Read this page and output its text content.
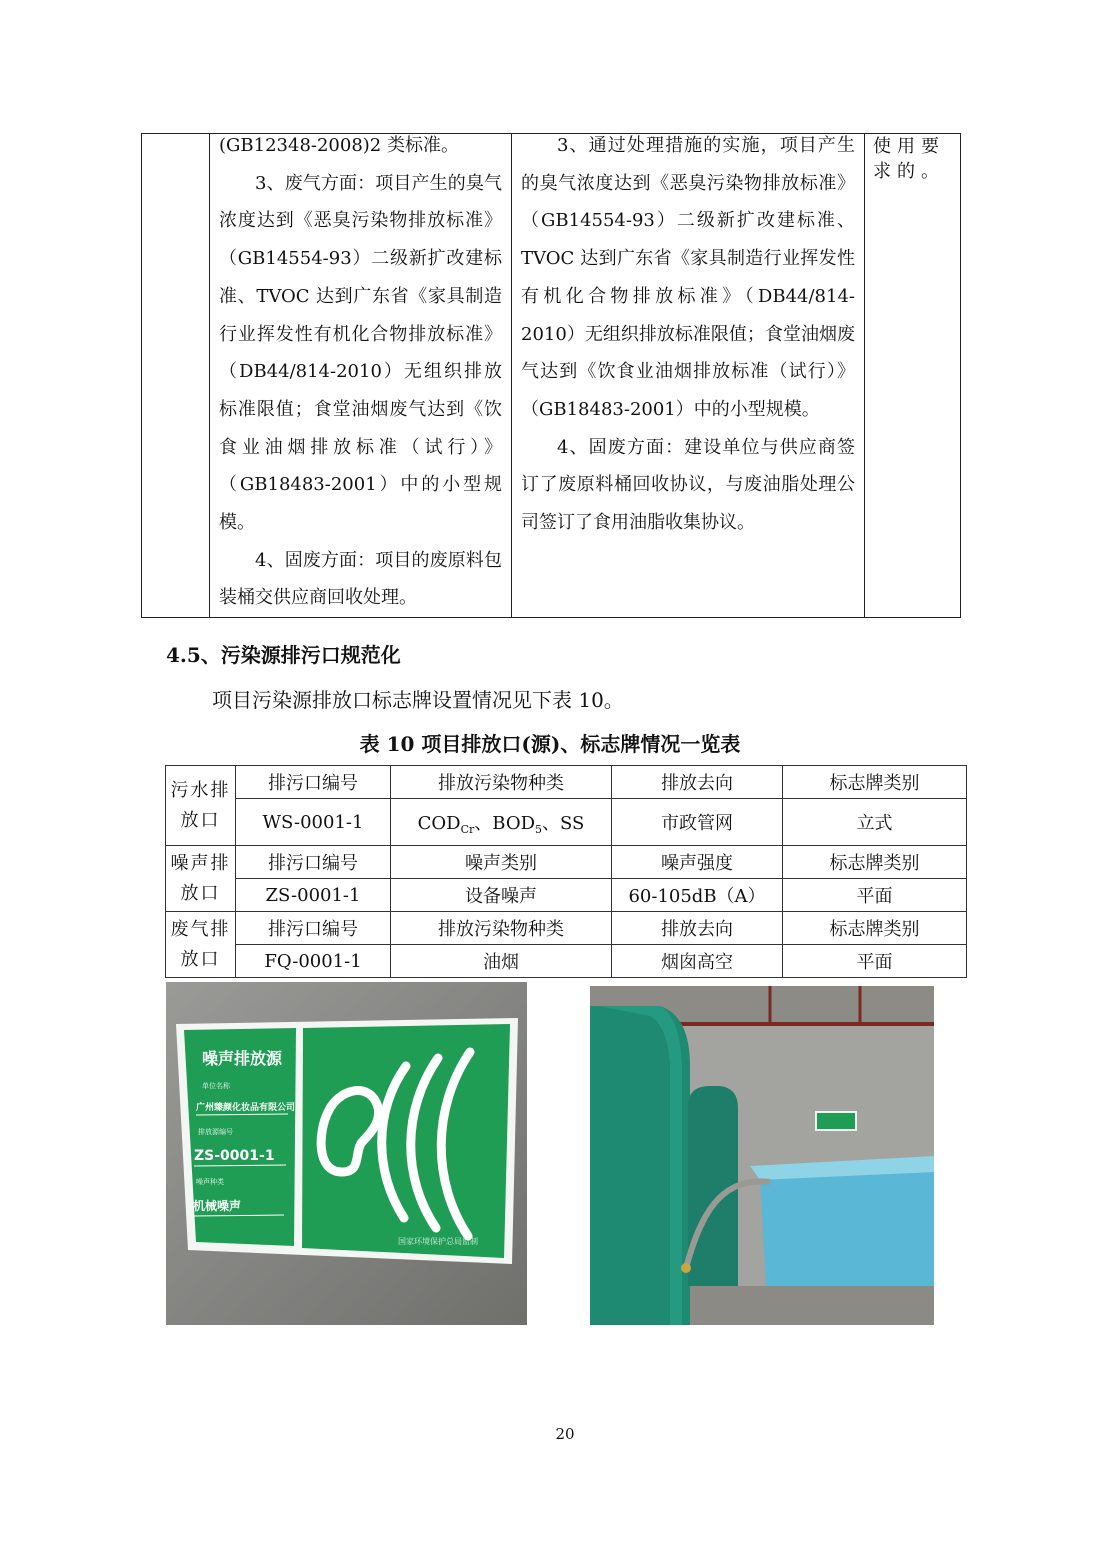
(GB12348-2008)2 类标准。

3、废气方面：项目产生的臭气浓度达到《恶臭污染物排放标准》（GB14554-93）二级新扩改建标准、TVOC 达到广东省《家具制造行业挥发性有机化合物排放标准》（DB44/814-2010）无组织排放标准限值；食堂油烟废气达到《饮食业油烟排放标准（试行）》（GB18483-2001）中的小型规模。

4、固废方面：项目的废原料包装桶交供应商回收处理。

3、通过处理措施的实施，项目产生的臭气浓度达到《恶臭污染物排放标准》（GB14554-93）二级新扩改建标准、TVOC 达到广东省《家具制造行业挥发性有机化合物排放标准》（DB44/814-2010）无组织排放标准限值；食堂油烟废气达到《饮食业油烟排放标准（试行）》（GB18483-2001）中的小型规模。

4、固废方面：建设单位与供应商签订了废原料桶回收协议，与废油脂处理公司签订了食用油脂收集协议。

使用要求的。
4.5、污染源排污口规范化
项目污染源排放口标志牌设置情况见下表 10。
表 10 项目排放口(源)、标志牌情况一览表
污水排
放口	排污口编号	排放污染物种类	排放去向	标志牌类别
	WS-0001-1	$COD_{Cr}$、$BOD_5$、SS	市政管网	立式

噪声排
放口	排污口编号	噪声类别	噪声强度	标志牌类别
	ZS-0001-1	设备噪声	60-105dB（A）	平面

废气排
放口	排污口编号	排放污染物种类	排放去向	标志牌类别
	FQ-0001-1	油烟	烟囱高空	平面
噪声排放源
单位名称
广州臻颜化妆品有限公司
排放源编号
ZS-0001-1
噪声种类
机械噪声
国家环境保护总局监制
20
